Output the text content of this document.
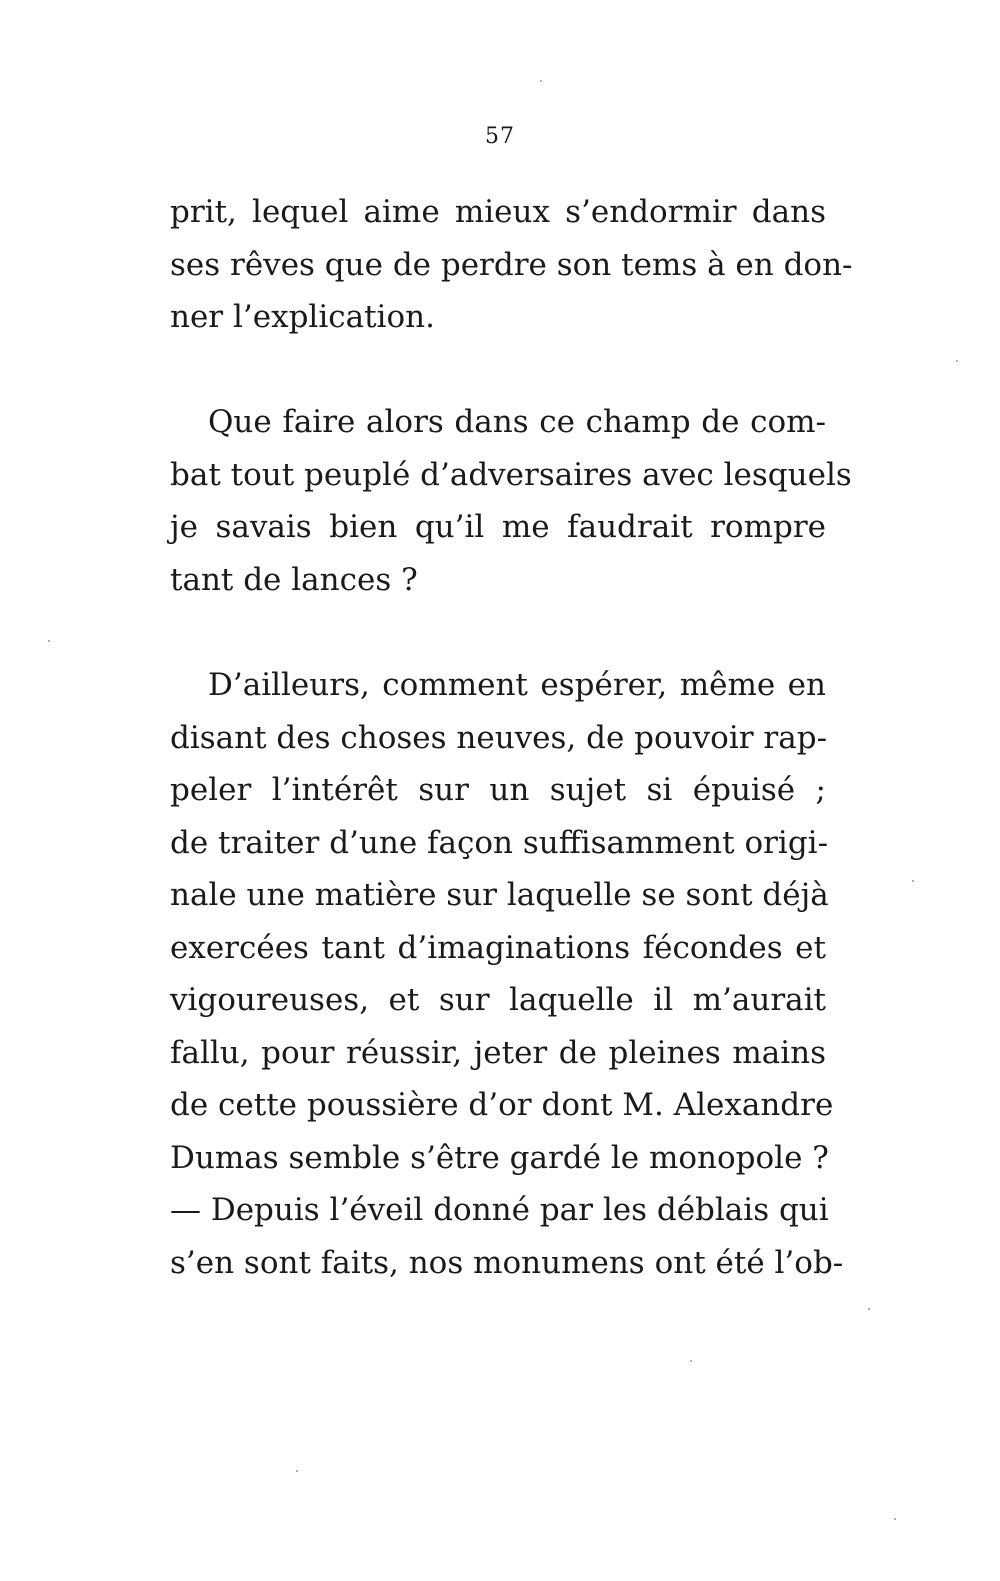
57
prit, lequel aime mieux s’endormir dans
ses rêves que de perdre son tems à en don-
ner l’explication.
Que faire alors dans ce champ de com-
bat tout peuplé d’adversaires avec lesquels
je savais bien qu’il me faudrait rompre
tant de lances ?
D’ailleurs, comment espérer, même en
disant des choses neuves, de pouvoir rap-
peler l’intérêt sur un sujet si épuisé ;
de traiter d’une façon suffisamment origi-
nale une matière sur laquelle se sont déjà
exercées tant d’imaginations fécondes et
vigoureuses, et sur laquelle il m’aurait
fallu, pour réussir, jeter de pleines mains
de cette poussière d’or dont M. Alexandre
Dumas semble s’être gardé le monopole ?
— Depuis l’éveil donné par les déblais qui
s’en sont faits, nos monumens ont été l’ob-
